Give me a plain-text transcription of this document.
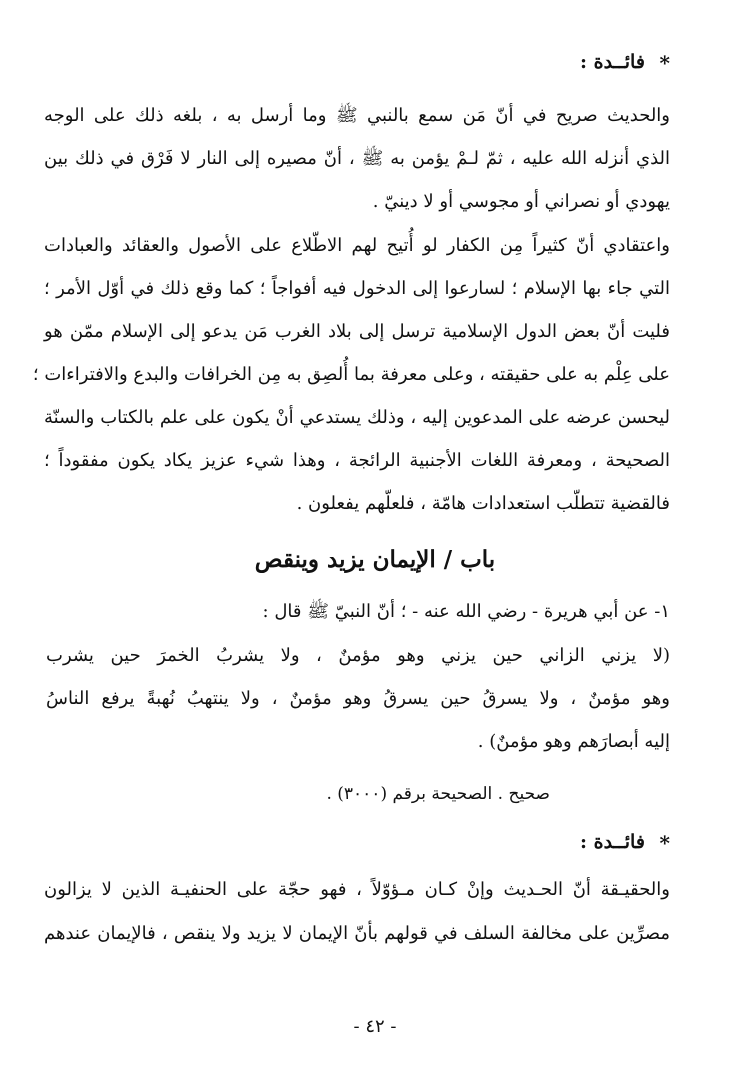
* فائــدة :
والحديث صريح في أنّ مَن سمع بالنبي ﷺ وما أرسل به ، بلغه ذلك على الوجه
الذي أنزله الله عليه ، ثمّ لـمْ يؤمن به ﷺ ، أنّ مصيره إلى النار لا فَرْق في ذلك بين
يهودي أو نصراني أو مجوسي أو لا دينيّ .
واعتقادي أنّ كثيراً مِن الكفار لو أُتيح لهم الاطّلاع على الأصول والعقائد والعبادات
التي جاء بها الإسلام ؛ لسارعوا إلى الدخول فيه أفواجاً ؛ كما وقع ذلك في أوّل الأمر ؛
فليت أنّ بعض الدول الإسلامية ترسل إلى بلاد الغرب مَن يدعو إلى الإسلام ممّن هو
على عِلْم به على حقيقته ، وعلى معرفة بما أُلصِق به مِن الخرافات والبدع والافتراءات ؛
ليحسن عرضه على المدعوين إليه ، وذلك يستدعي أنْ يكون على علم بالكتاب والسنّة
الصحيحة ، ومعرفة اللغات الأجنبية الرائجة ، وهذا شيء عزيز يكاد يكون مفقوداً ؛
فالقضية تتطلّب استعدادات هامّة ، فلعلّهم يفعلون .
باب / الإيمان يزيد وينقص
١- عن أبي هريرة - رضي الله عنه - ؛ أنّ النبيّ ﷺ قال :
(لا يزني الزاني حين يزني وهو مؤمنٌ ، ولا يشربُ الخمرَ حين يشرب
وهو مؤمنٌ ، ولا يسرقُ حين يسرقُ وهو مؤمنٌ ، ولا ينتهبُ نُهبةً يرفع الناسُ
إليه أبصارَهم وهو مؤمنٌ) .
صحيح . الصحيحة برقم (٣٠٠٠) .
* فائــدة :
والحقيـقة أنّ الحـديث وإنْ كـان مـؤوّلاً ، فهو حجّة على الحنفيـة الذين لا يزالون
مصرِّين على مخالفة السلف في قولهم بأنّ الإيمان لا يزيد ولا ينقص ، فالإيمان عندهم
- ٤٢ -
